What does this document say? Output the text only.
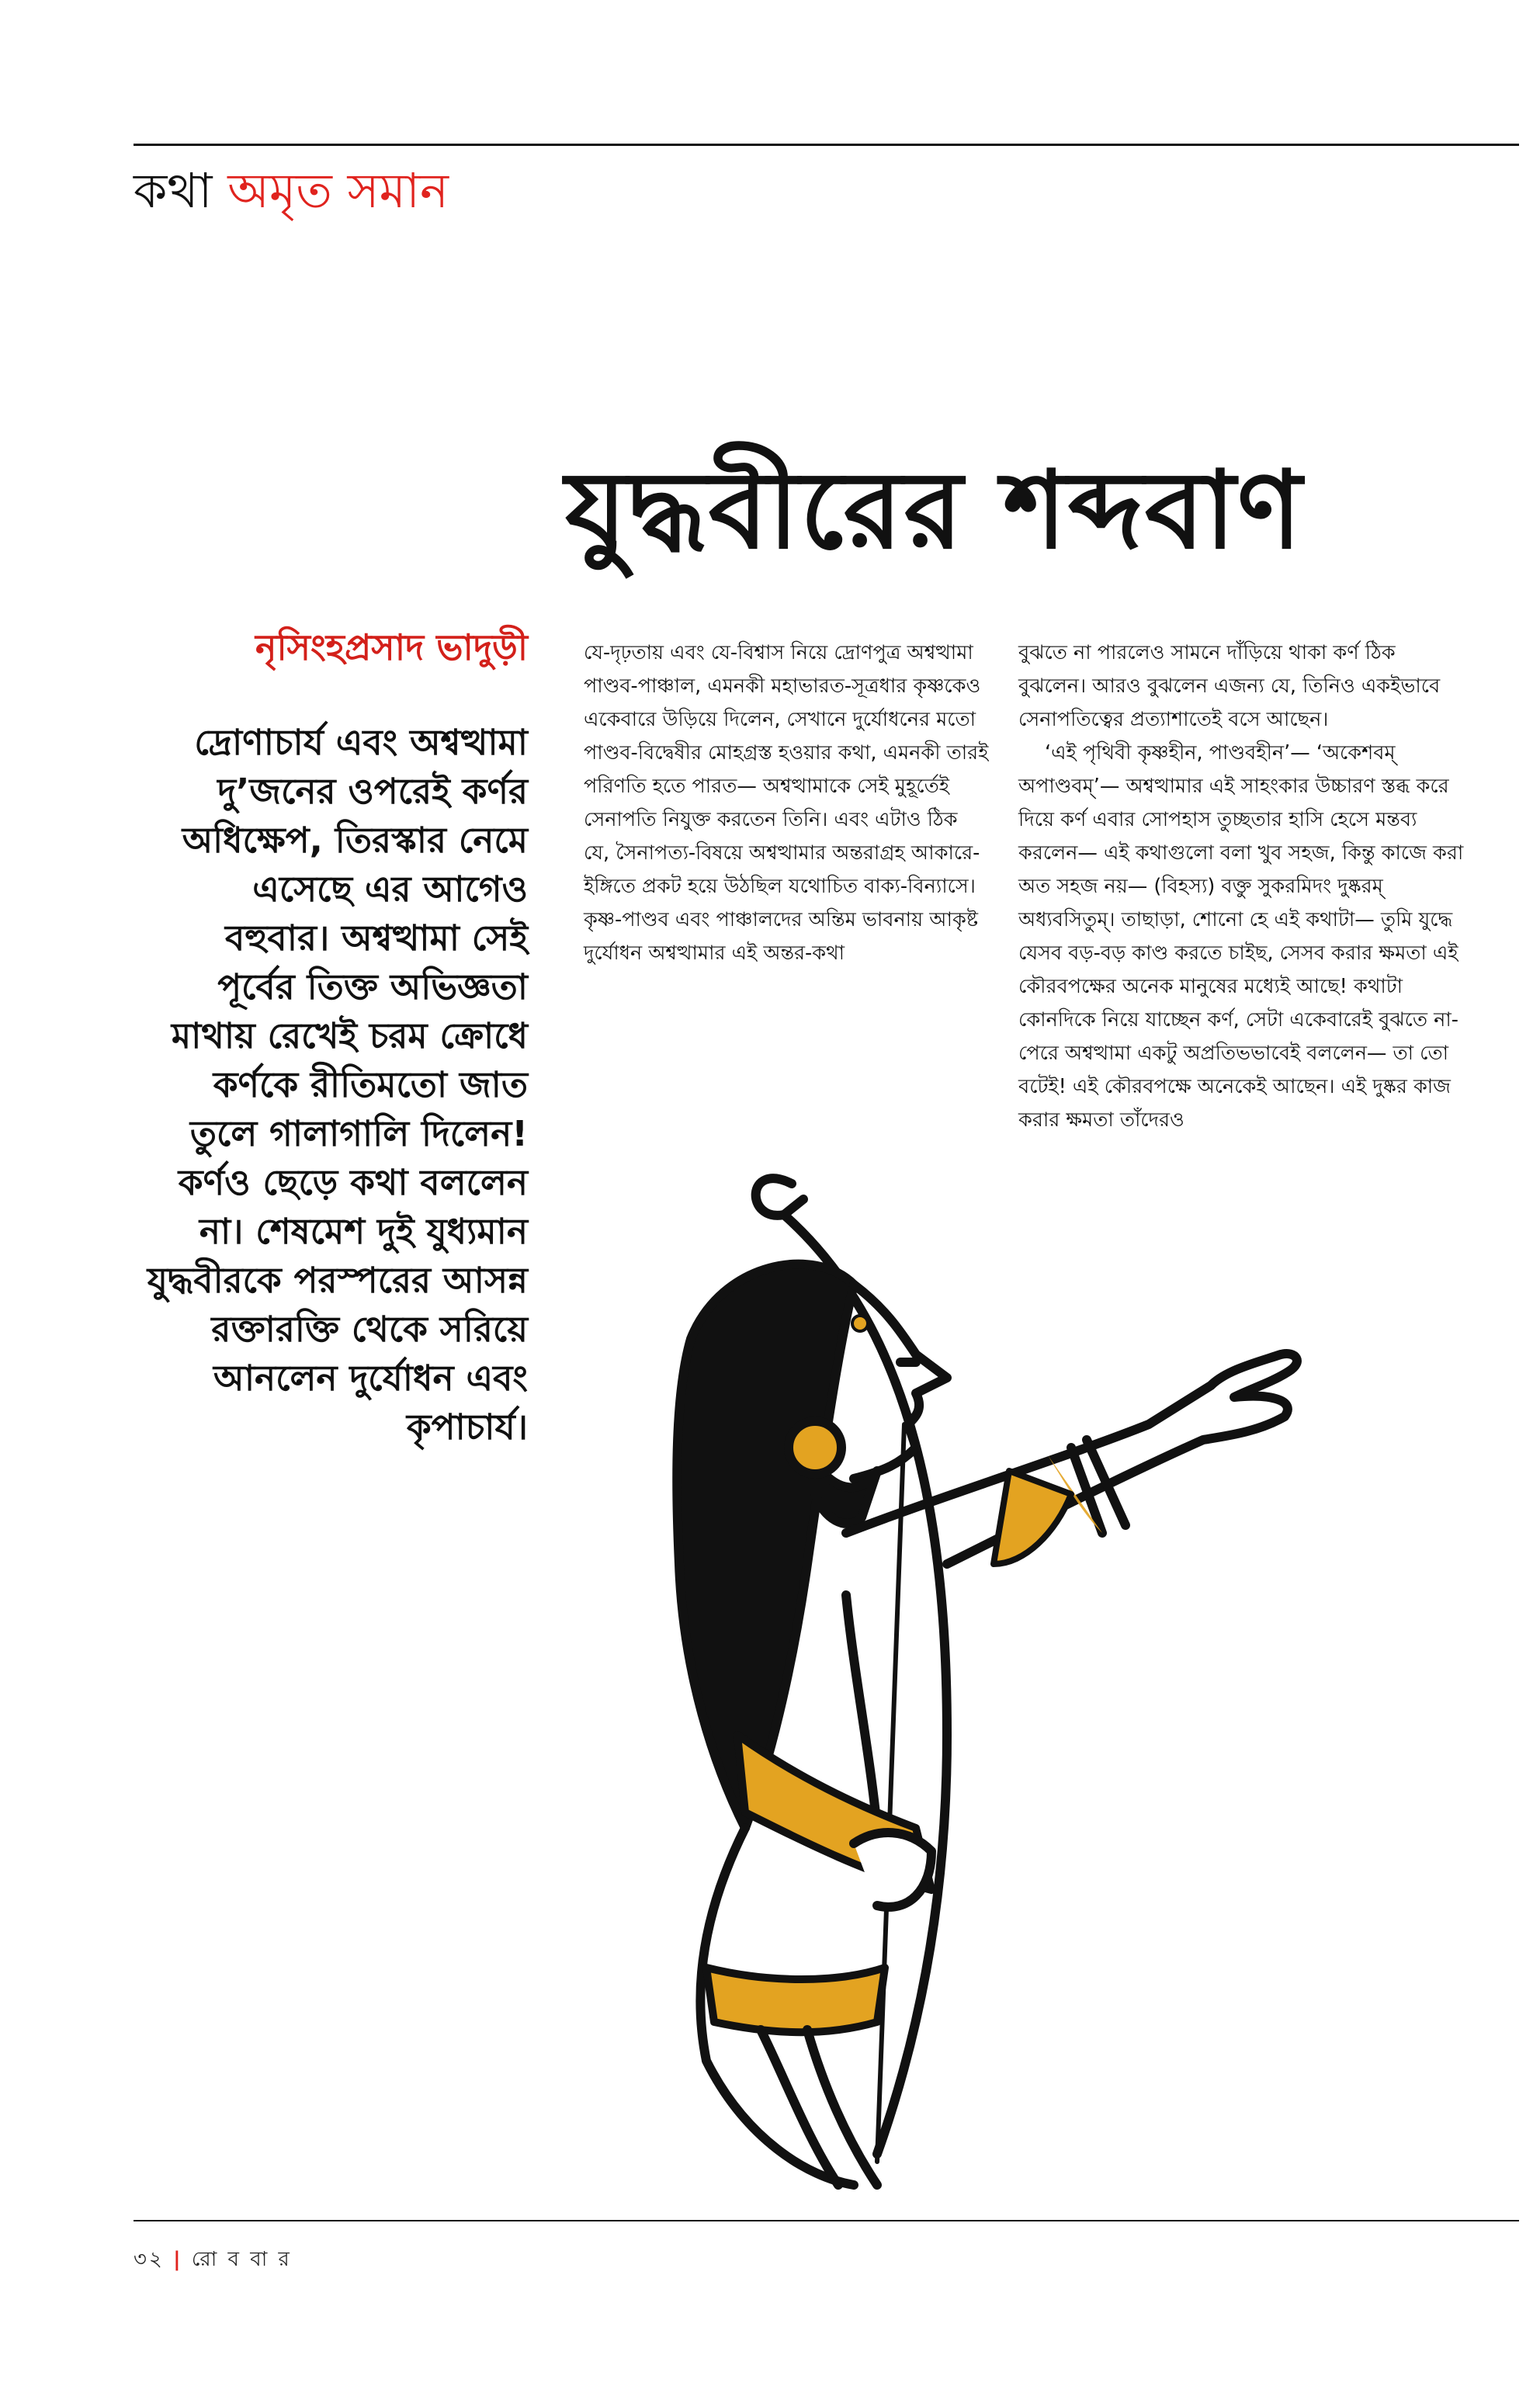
কথা অমৃত সমান
যুদ্ধবীরের শব্দবাণ
নৃসিংহপ্রসাদ ভাদুড়ী
দ্রোণাচার্য এবং অশ্বত্থামা দু’জনের ওপরেই কর্ণর অধিক্ষেপ, তিরস্কার নেমে এসেছে এর আগেও বহুবার। অশ্বত্থামা সেই পূর্বের তিক্ত অভিজ্ঞতা মাথায় রেখেই চরম ক্রোধে কর্ণকে রীতিমতো জাত তুলে গালাগালি দিলেন! কর্ণও ছেড়ে কথা বললেন না। শেষমেশ দুই যুধ্যমান যুদ্ধবীরকে পরস্পরের আসন্ন রক্তারক্তি থেকে সরিয়ে আনলেন দুর্যোধন এবং কৃপাচার্য।

যে-দৃঢ়তায় এবং যে-বিশ্বাস নিয়ে দ্রোণপুত্র অশ্বত্থামা পাণ্ডব-পাঞ্চাল, এমনকী মহাভারত-সূত্রধার কৃষ্ণকেও একেবারে উড়িয়ে দিলেন, সেখানে দুর্যোধনের মতো পাণ্ডব-বিদ্বেষীর মোহগ্রস্ত হওয়ার কথা, এমনকী তারই পরিণতি হতে পারত— অশ্বত্থামাকে সেই মুহূর্তেই সেনাপতি নিযুক্ত করতেন তিনি। এবং এটাও ঠিক যে, সৈনাপত্য-বিষয়ে অশ্বত্থামার অন্তরাগ্রহ আকারে-ইঙ্গিতে প্রকট হয়ে উঠছিল যথোচিত বাক্য-বিন্যাসে। কৃষ্ণ-পাণ্ডব এবং পাঞ্চালদের অন্তিম ভাবনায় আকৃষ্ট দুর্যোধন অশ্বত্থামার এই অন্তর-কথা

বুঝতে না পারলেও সামনে দাঁড়িয়ে থাকা কর্ণ ঠিক বুঝলেন। আরও বুঝলেন এজন্য যে, তিনিও একইভাবে সেনাপতিত্বের প্রত্যাশাতেই বসে আছেন।

‘এই পৃথিবী কৃষ্ণহীন, পাণ্ডবহীন’— ‘অকেশবম্ অপাণ্ডবম্’— অশ্বত্থামার এই সাহংকার উচ্চারণ স্তব্ধ করে দিয়ে কর্ণ এবার সোপহাস তুচ্ছতার হাসি হেসে মন্তব্য করলেন— এই কথাগুলো বলা খুব সহজ, কিন্তু কাজে করা অত সহজ নয়— (বিহস্য) বক্তু সুকরমিদং দুষ্করম্ অধ্যবসিতুম্। তাছাড়া, শোনো হে এই কথাটা— তুমি যুদ্ধে যেসব বড়-বড় কাণ্ড করতে চাইছ, সেসব করার ক্ষমতা এই কৌরবপক্ষের অনেক মানুষের মধ্যেই আছে! কথাটা কোনদিকে নিয়ে যাচ্ছেন কর্ণ, সেটা একেবারেই বুঝতে না-পেরে অশ্বত্থামা একটু অপ্রতিভভাবেই বললেন— তা তো বটেই! এই কৌরবপক্ষে অনেকেই আছেন। এই দুষ্কর কাজ করার ক্ষমতা তাঁদেরও

৩২ | রো ব বা র
